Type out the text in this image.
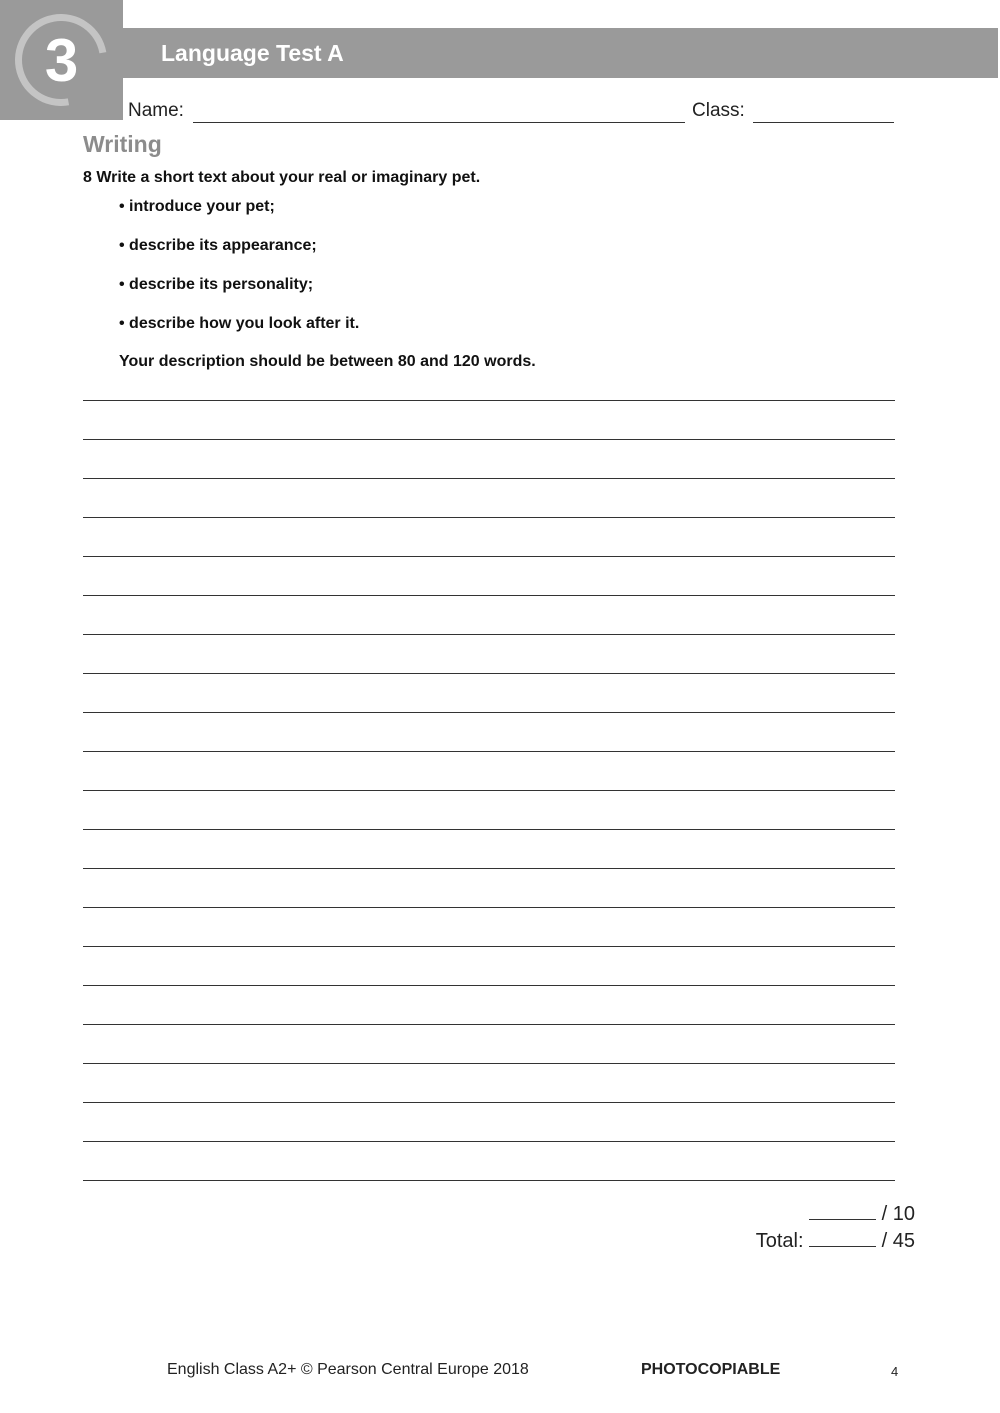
3	Language Test A
Name:	Class:
Writing
8 Write a short text about your real or imaginary pet.
• introduce your pet;
• describe its appearance;
• describe its personality;
• describe how you look after it.
Your description should be between 80 and 120 words.
/ 10
Total:	/ 45
English Class A2+ © Pearson Central Europe 2018	PHOTOCOPIABLE	4
